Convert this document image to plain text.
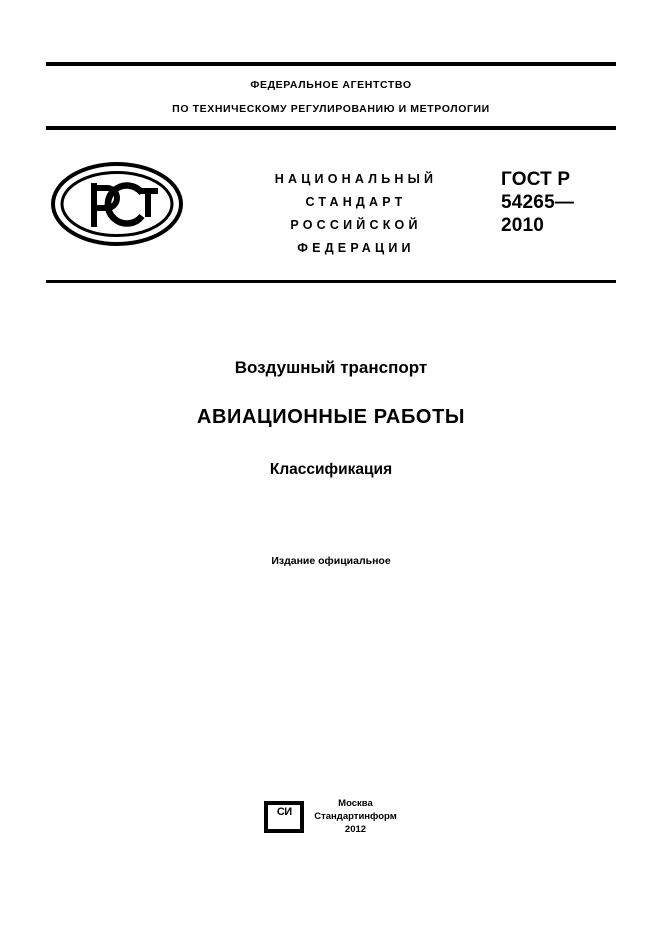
ФЕДЕРАЛЬНОЕ АГЕНТСТВО
ПО ТЕХНИЧЕСКОМУ РЕГУЛИРОВАНИЮ И МЕТРОЛОГИИ
НАЦИОНАЛЬНЫЙ
СТАНДАРТ
РОССИЙСКОЙ
ФЕДЕРАЦИИ
ГОСТ Р
54265—
2010
Воздушный транспорт
АВИАЦИОННЫЕ РАБОТЫ
Классификация
Издание официальное
СИ
Москва
Стандартинформ
2012
